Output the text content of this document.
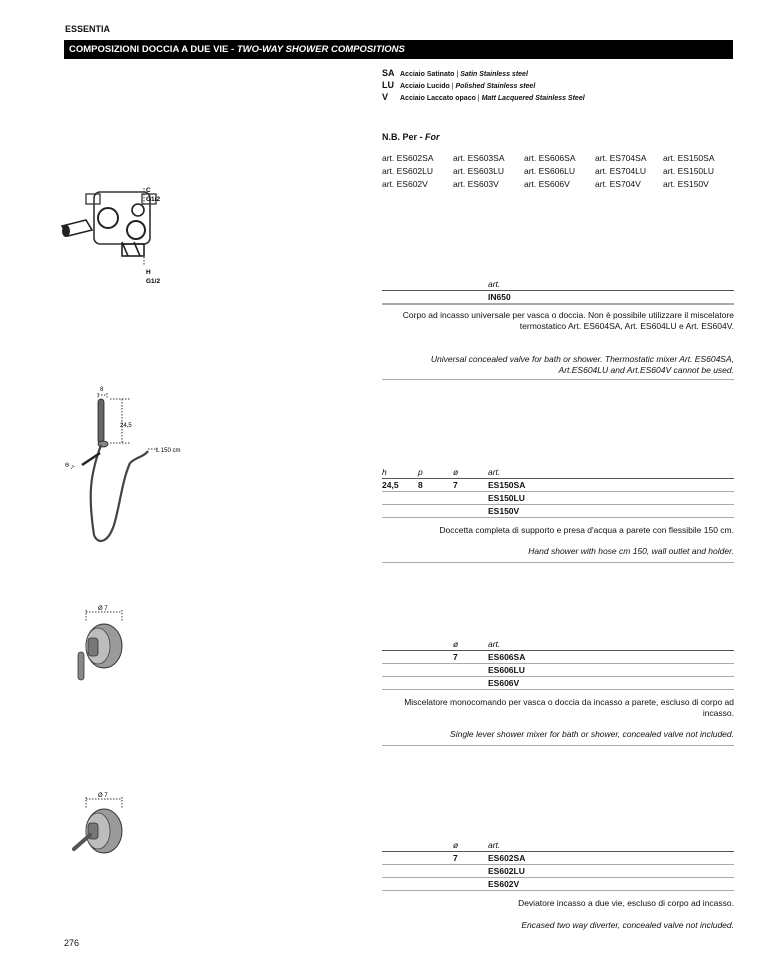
ESSENTIA
COMPOSIZIONI DOCCIA A DUE VIE - TWO-WAY SHOWER COMPOSITIONS
SA Acciaio Satinato | Satin Stainless steel
LU Acciaio Lucido | Polished Stainless steel
V Acciaio Laccato opaco | Matt Lacquered Stainless Steel
N.B. Per - For
art. ES602SA	art. ES603SA	art. ES606SA	art. ES704SA	art. ES150SA
art. ES602LU	art. ES603LU	art. ES606LU	art. ES704LU	art. ES150LU
art. ES602V	art. ES603V	art. ES606V	art. ES704V	art. ES150V
C
G1/2
H
G1/2	art.
IN650
Corpo ad incasso universale per vasca o doccia. Non è possibile utilizzare il miscelatore termostatico Art. ES604SA, Art. ES604LU e Art. ES604V.
Universal concealed valve for bath or shower. Thermostatic mixer Art. ES604SA, Art.ES604LU and Art.ES604V cannot be used.
8
24,5
L 150 cm
⊖ 7
h	p	ø	art.
24,5 8	7	ES150SA
ES150LU
ES150V
Doccetta completa di supporto e presa d'acqua a parete con flessibile 150 cm.
Hand shower with hose cm 150, wall outlet and holder.
Ø 7
ø	art.
7	ES606SA
ES606LU
ES606V
Miscelatore monocomando per vasca o doccia da incasso a parete, escluso di corpo ad incasso.
Single lever shower mixer for bath or shower, concealed valve not included.
Ø 7
ø	art.
7	ES602SA
ES602LU
ES602V
Deviatore incasso a due vie, escluso di corpo ad incasso.
Encased two way diverter, concealed valve not included.
276
